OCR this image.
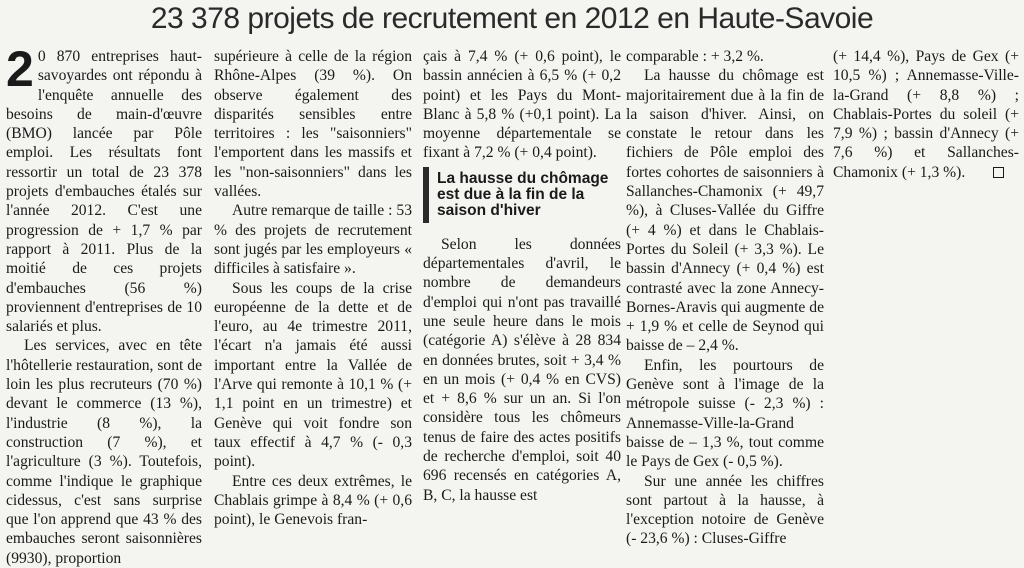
23 378 projets de recrutement en 2012 en Haute-Savoie

2 0 870 entreprises haut-savoyardes ont répondu à l'enquête annuelle des besoins de main-d'œuvre (BMO) lancée par Pôle emploi. Les résultats font ressortir un total de 23 378 projets d'embauches étalés sur l'année 2012. C'est une progression de + 1,7 % par rapport à 2011. Plus de la moitié de ces projets d'embauches (56 %) proviennent d'entreprises de 10 salariés et plus.

Les services, avec en tête l'hôtellerie restauration, sont de loin les plus recruteurs (70 %) devant le commerce (13 %), l'industrie (8 %), la construction (7 %), et l'agriculture (3 %). Toutefois, comme l'indique le graphique cidessus, c'est sans surprise que l'on apprend que 43 % des embauches seront saisonnières (9930), proportion

supérieure à celle de la région Rhône-Alpes (39 %). On observe également des disparités sensibles entre territoires : les "saisonniers" l'emportent dans les massifs et les "non-saisonniers" dans les vallées.

Autre remarque de taille : 53 % des projets de recrutement sont jugés par les employeurs « difficiles à satisfaire ».

Sous les coups de la crise européenne de la dette et de l'euro, au 4e trimestre 2011, l'écart n'a jamais été aussi important entre la Vallée de l'Arve qui remonte à 10,1 % (+ 1,1 point en un trimestre) et Genève qui voit fondre son taux effectif à 4,7 % (- 0,3 point).

Entre ces deux extrêmes, le Chablais grimpe à 8,4 % (+ 0,6 point), le Genevois fran-

çais à 7,4 % (+ 0,6 point), le bassin annécien à 6,5 % (+ 0,2 point) et les Pays du Mont-Blanc à 5,8 % (+0,1 point). La moyenne départementale se fixant à 7,2 % (+ 0,4 point).

La hausse du chômage est due à la fin de la saison d'hiver

Selon les données départementales d'avril, le nombre de demandeurs d'emploi qui n'ont pas travaillé une seule heure dans le mois (catégorie A) s'élève à 28 834 en données brutes, soit + 3,4 % en un mois (+ 0,4 % en CVS) et + 8,6 % sur un an. Si l'on considère tous les chômeurs tenus de faire des actes positifs de recherche d'emploi, soit 40 696 recensés en catégories A, B, C, la hausse est

comparable : + 3,2 %.

La hausse du chômage est majoritairement due à la fin de la saison d'hiver. Ainsi, on constate le retour dans les fichiers de Pôle emploi des fortes cohortes de saisonniers à Sallanches-Chamonix (+ 49,7 %), à Cluses-Vallée du Giffre (+ 4 %) et dans le Chablais-Portes du Soleil (+ 3,3 %). Le bassin d'Annecy (+ 0,4 %) est contrasté avec la zone Annecy-Bornes-Aravis qui augmente de + 1,9 % et celle de Seynod qui baisse de – 2,4 %.

Enfin, les pourtours de Genève sont à l'image de la métropole suisse (- 2,3 %) : Annemasse-Ville-la-Grand baisse de – 1,3 %, tout comme le Pays de Gex (- 0,5 %).

Sur une année les chiffres sont partout à la hausse, à l'exception notoire de Genève (- 23,6 %) : Cluses-Giffre

(+ 14,4 %), Pays de Gex (+ 10,5 %) ; Annemasse-Ville-la-Grand (+ 8,8 %) ; Chablais-Portes du soleil (+ 7,9 %) ; bassin d'Annecy (+ 7,6 %) et Sallanches-Chamonix (+ 1,3 %).
